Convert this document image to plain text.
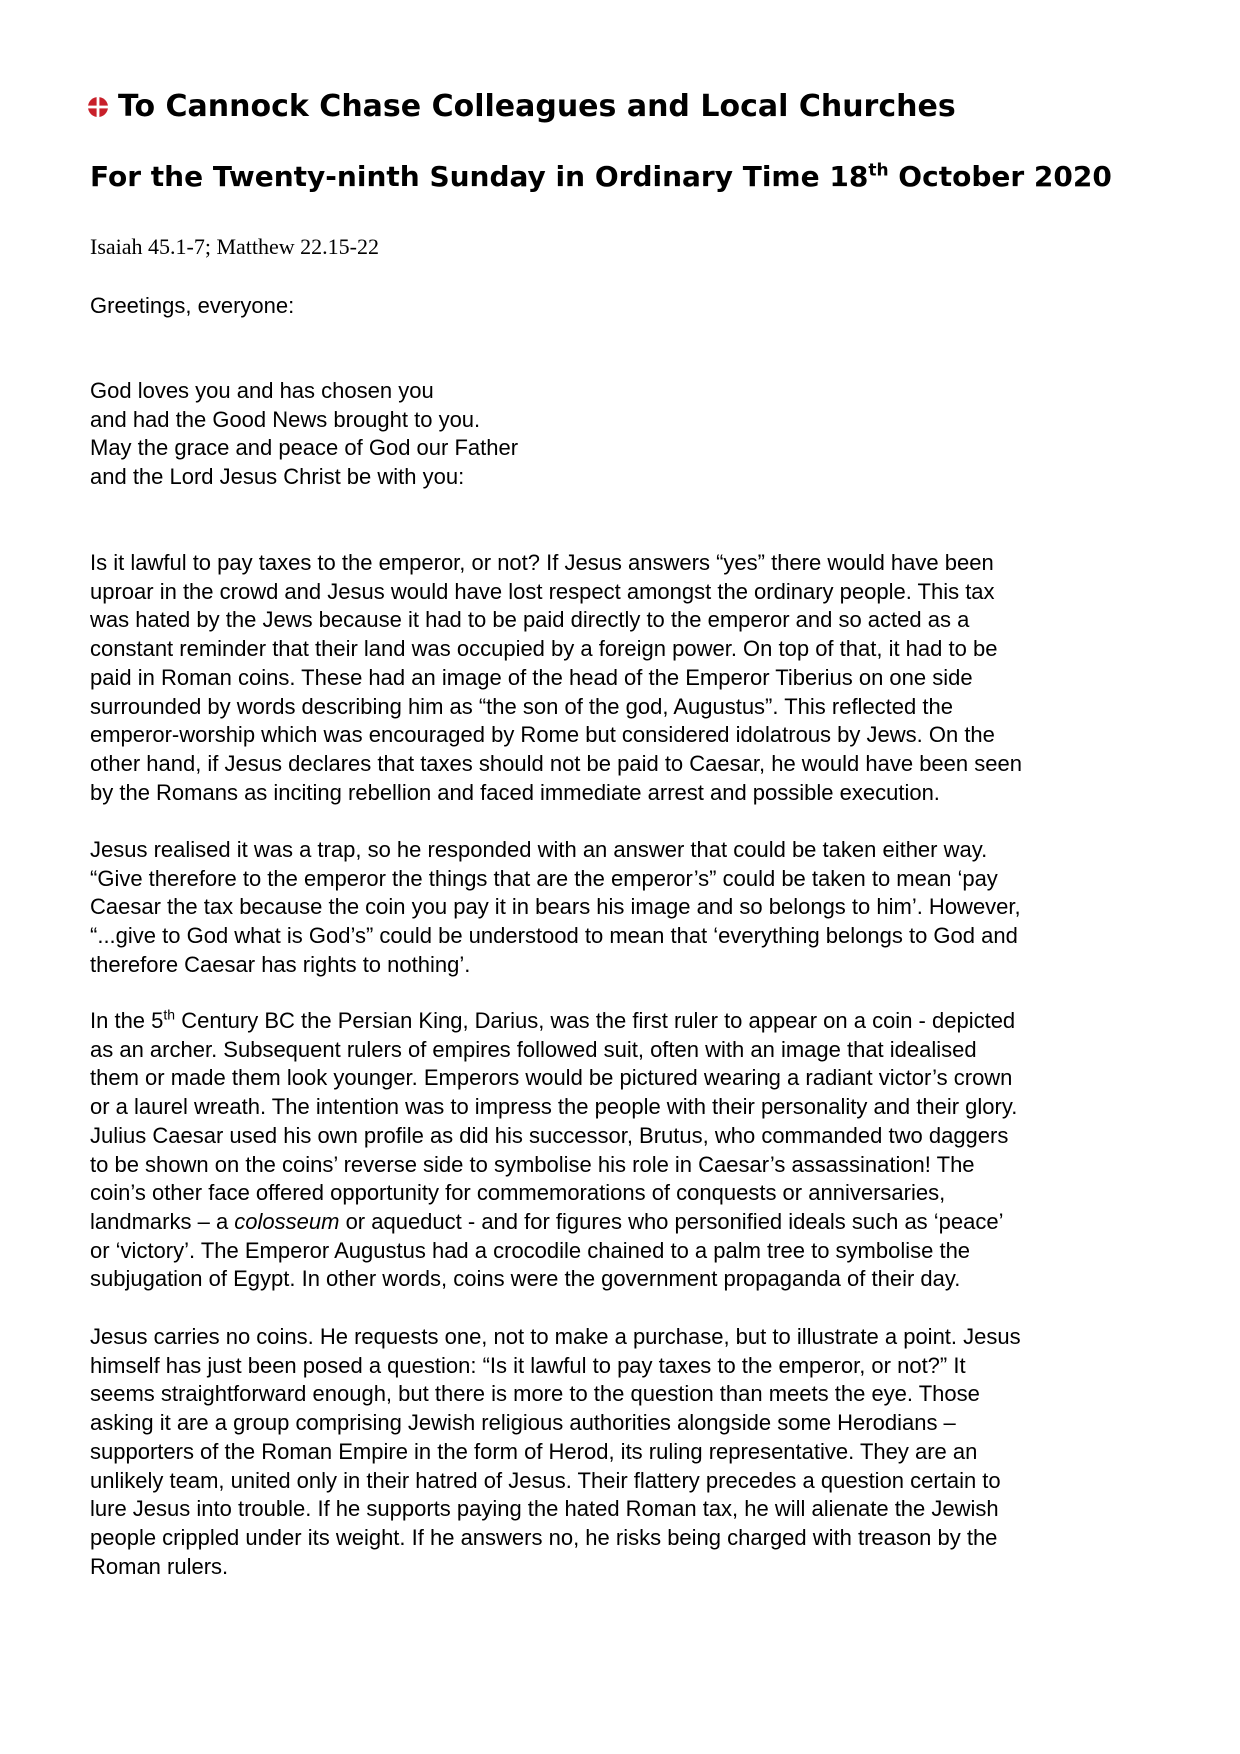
To Cannock Chase Colleagues and Local Churches
For the Twenty-ninth Sunday in Ordinary Time 18th October 2020

Isaiah 45.1-7; Matthew 22.15-22

Greetings, everyone:

God loves you and has chosen you
and had the Good News brought to you.
May the grace and peace of God our Father
and the Lord Jesus Christ be with you:
Is it lawful to pay taxes to the emperor, or not? If Jesus answers “yes” there would have been
uproar in the crowd and Jesus would have lost respect amongst the ordinary people. This tax
was hated by the Jews because it had to be paid directly to the emperor and so acted as a
constant reminder that their land was occupied by a foreign power. On top of that, it had to be
paid in Roman coins. These had an image of the head of the Emperor Tiberius on one side
surrounded by words describing him as “the son of the god, Augustus”. This reflected the
emperor-worship which was encouraged by Rome but considered idolatrous by Jews. On the
other hand, if Jesus declares that taxes should not be paid to Caesar, he would have been seen
by the Romans as inciting rebellion and faced immediate arrest and possible execution.
Jesus realised it was a trap, so he responded with an answer that could be taken either way.
“Give therefore to the emperor the things that are the emperor’s” could be taken to mean ‘pay
Caesar the tax because the coin you pay it in bears his image and so belongs to him’. However,
“...give to God what is God’s” could be understood to mean that ‘everything belongs to God and
therefore Caesar has rights to nothing’.
In the 5th Century BC the Persian King, Darius, was the first ruler to appear on a coin - depicted
as an archer. Subsequent rulers of empires followed suit, often with an image that idealised
them or made them look younger. Emperors would be pictured wearing a radiant victor’s crown
or a laurel wreath. The intention was to impress the people with their personality and their glory.
Julius Caesar used his own profile as did his successor, Brutus, who commanded two daggers
to be shown on the coins’ reverse side to symbolise his role in Caesar’s assassination! The
coin’s other face offered opportunity for commemorations of conquests or anniversaries,
landmarks – a colosseum or aqueduct - and for figures who personified ideals such as ‘peace’
or ‘victory’. The Emperor Augustus had a crocodile chained to a palm tree to symbolise the
subjugation of Egypt. In other words, coins were the government propaganda of their day.
Jesus carries no coins. He requests one, not to make a purchase, but to illustrate a point. Jesus
himself has just been posed a question: “Is it lawful to pay taxes to the emperor, or not?” It
seems straightforward enough, but there is more to the question than meets the eye. Those
asking it are a group comprising Jewish religious authorities alongside some Herodians –
supporters of the Roman Empire in the form of Herod, its ruling representative. They are an
unlikely team, united only in their hatred of Jesus. Their flattery precedes a question certain to
lure Jesus into trouble. If he supports paying the hated Roman tax, he will alienate the Jewish
people crippled under its weight. If he answers no, he risks being charged with treason by the
Roman rulers.
